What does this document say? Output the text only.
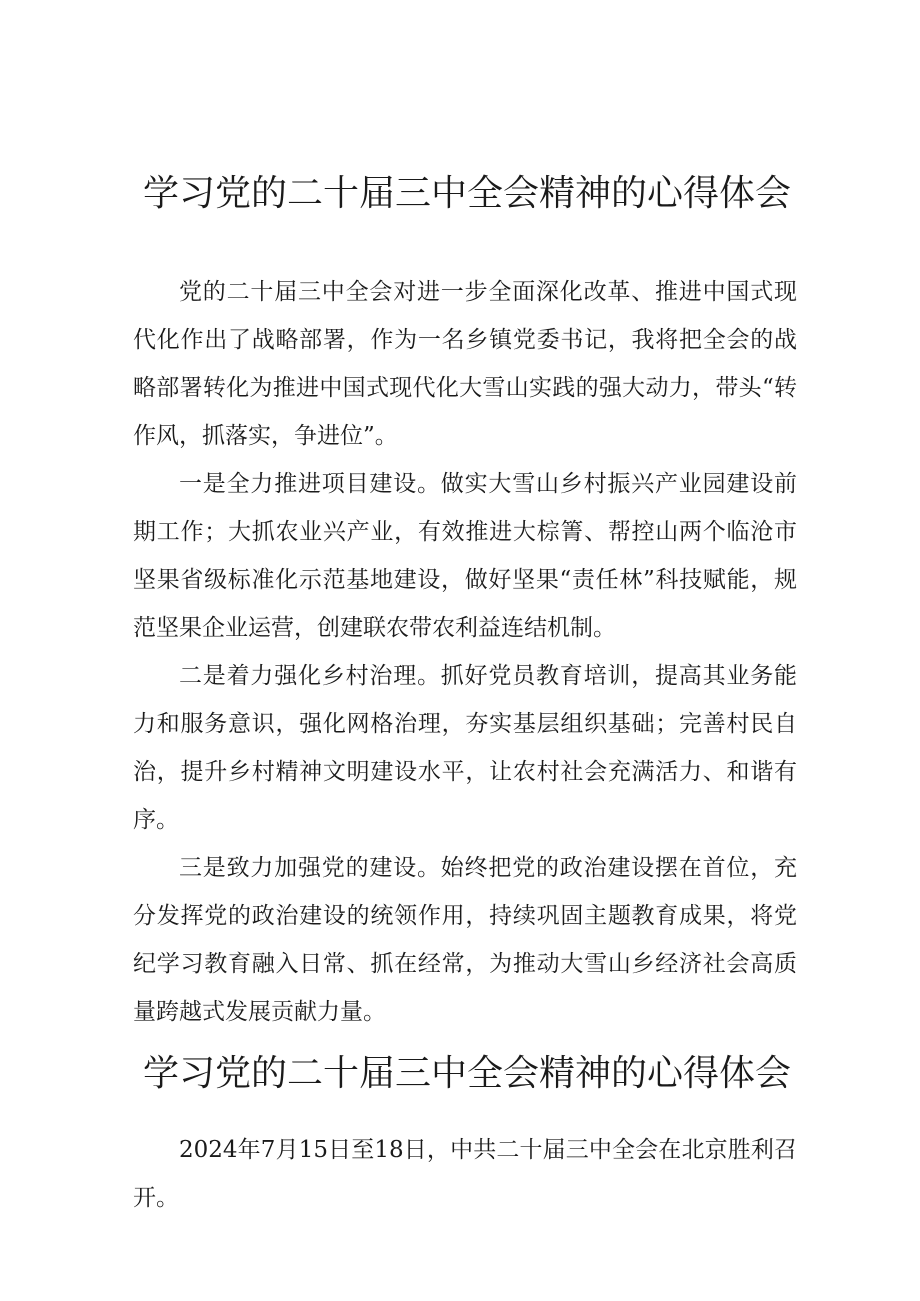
学习党的二十届三中全会精神的心得体会

党的二十届三中全会对进一步全面深化改革、推进中国式现代化作出了战略部署，作为一名乡镇党委书记，我将把全会的战略部署转化为推进中国式现代化大雪山实践的强大动力，带头“转作风，抓落实，争进位”。

一是全力推进项目建设。做实大雪山乡村振兴产业园建设前期工作；大抓农业兴产业，有效推进大棕箐、帮控山两个临沧市坚果省级标准化示范基地建设，做好坚果“责任林”科技赋能，规范坚果企业运营，创建联农带农利益连结机制。

二是着力强化乡村治理。抓好党员教育培训，提高其业务能力和服务意识，强化网格治理，夯实基层组织基础；完善村民自治，提升乡村精神文明建设水平，让农村社会充满活力、和谐有序。

三是致力加强党的建设。始终把党的政治建设摆在首位，充分发挥党的政治建设的统领作用，持续巩固主题教育成果，将党纪学习教育融入日常、抓在经常，为推动大雪山乡经济社会高质量跨越式发展贡献力量。

学习党的二十届三中全会精神的心得体会

2024年7月15日至18日，中共二十届三中全会在北京胜利召开。
